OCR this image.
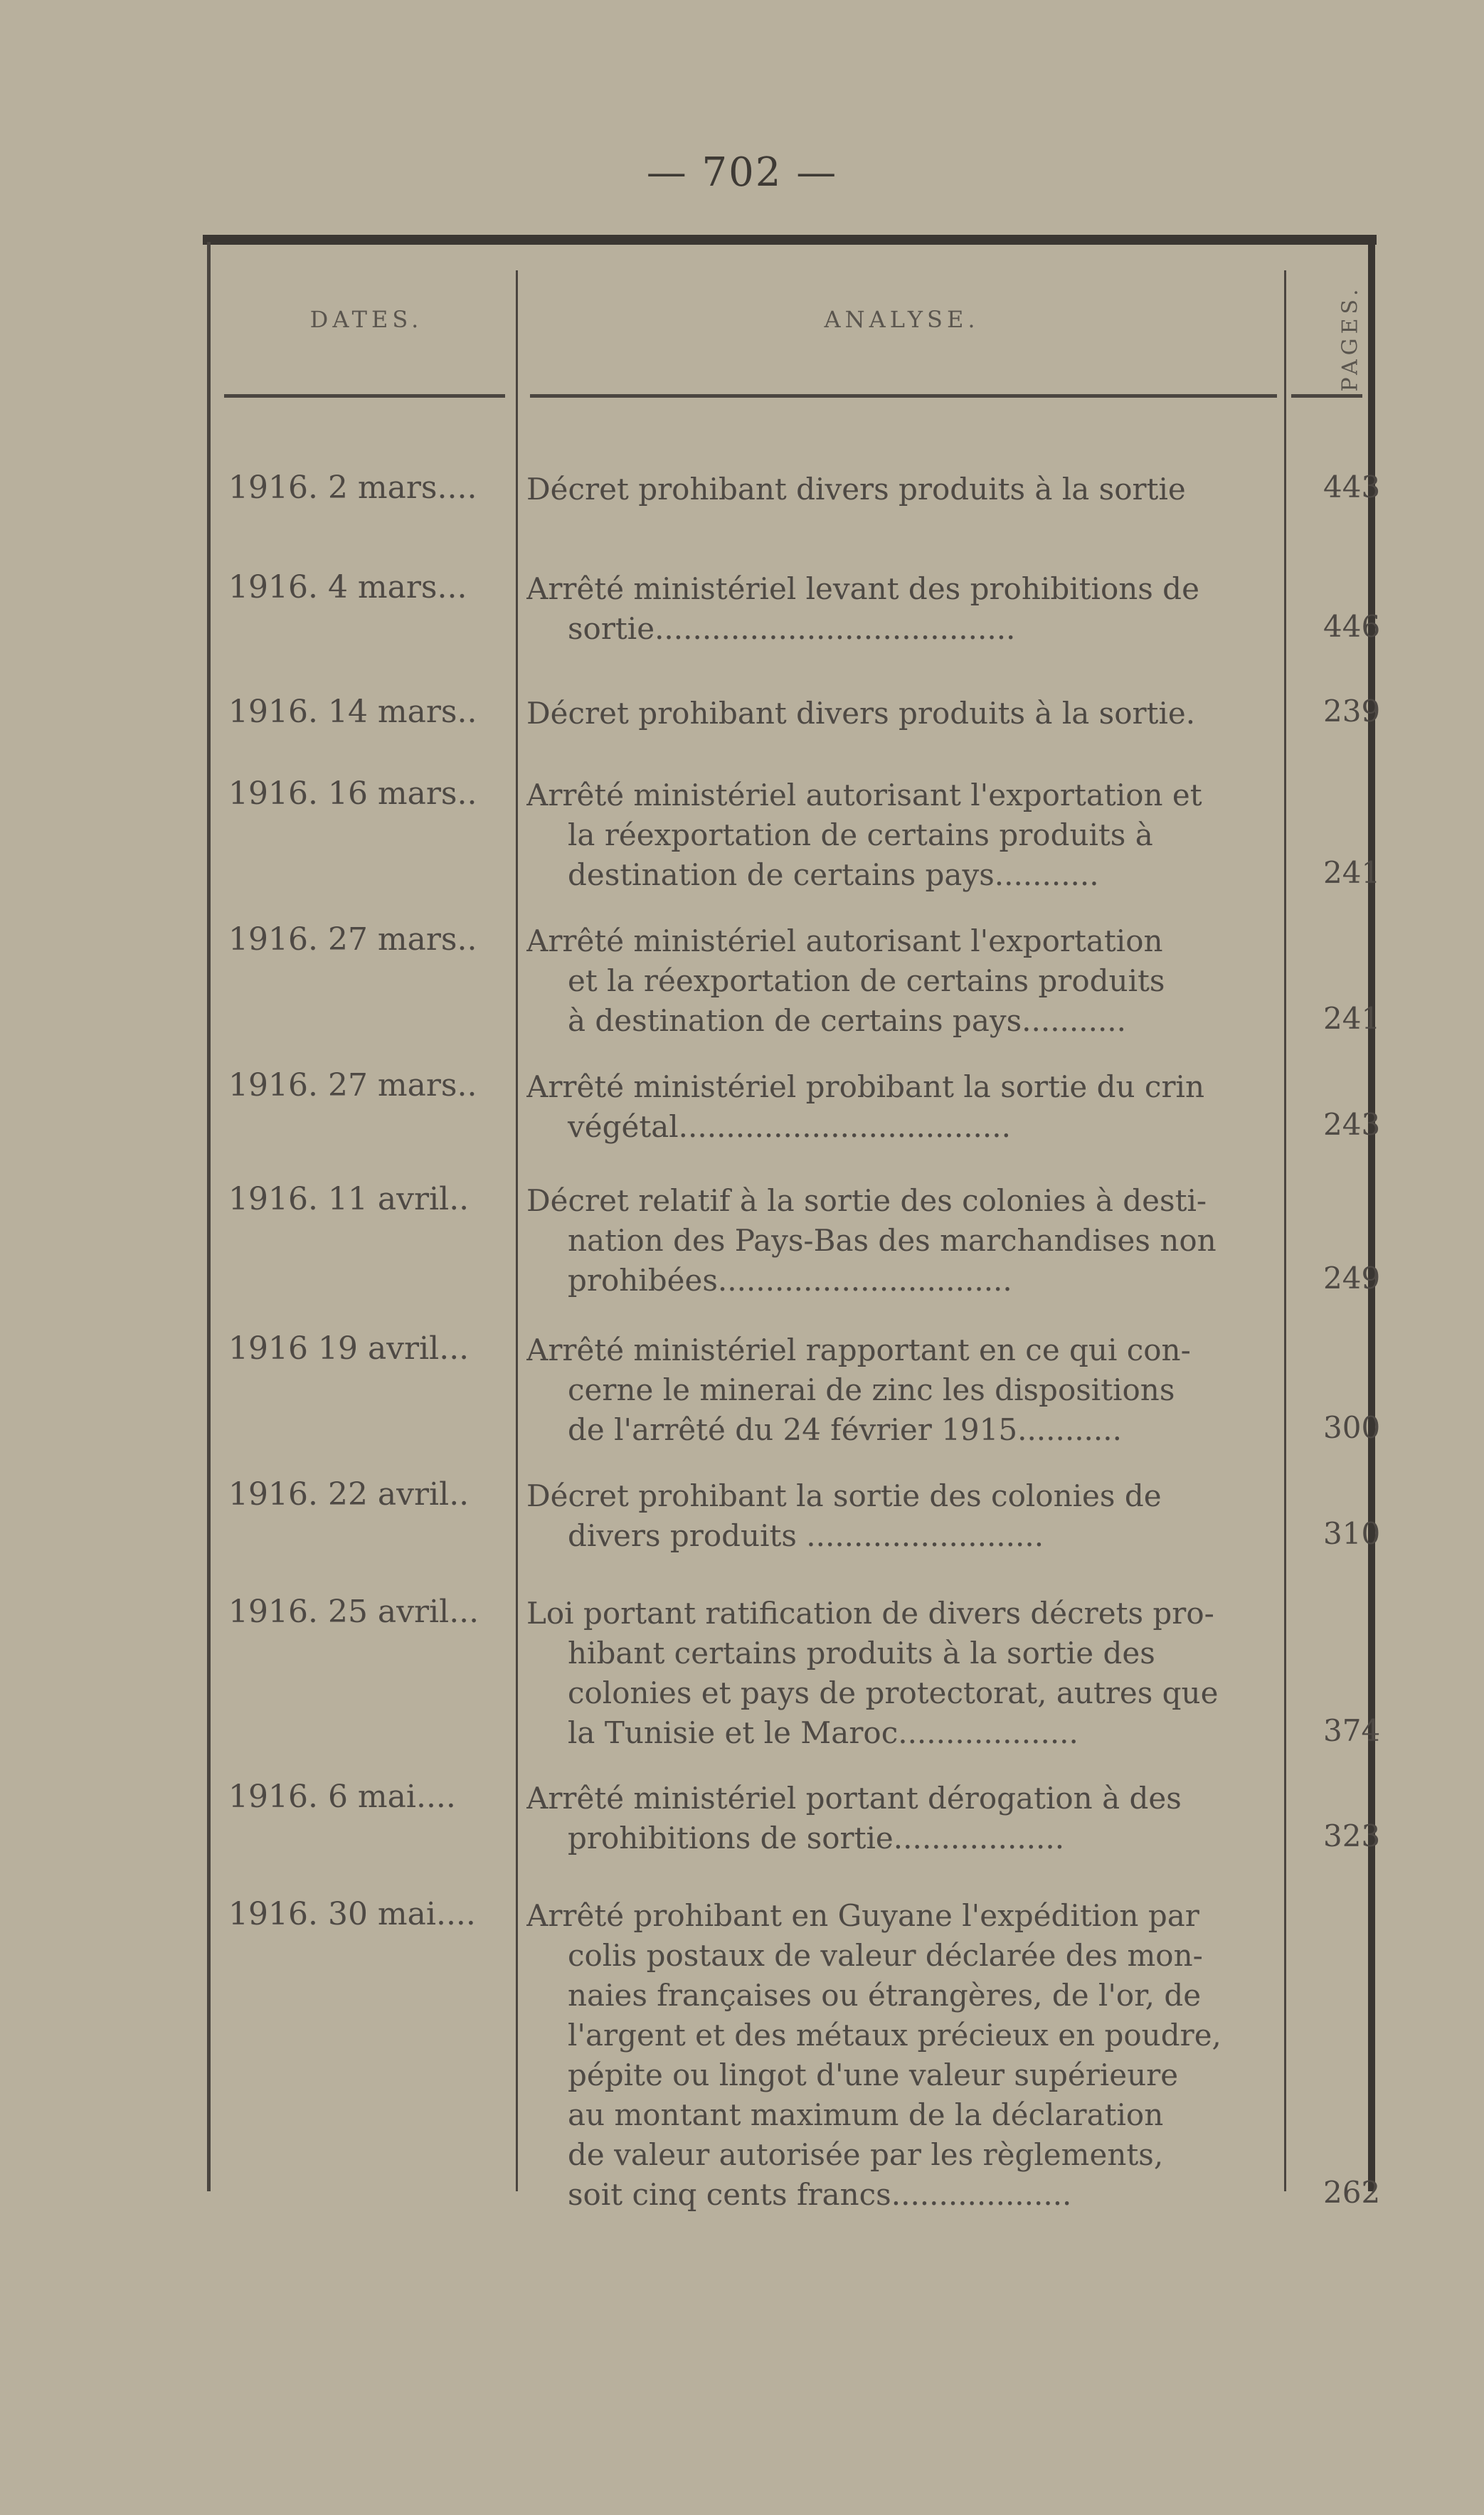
— 702 —
DATES.	ANALYSE.	PAGES.
1916. 2 mars....	Décret prohibant divers produits à la sortie	443
1916. 4 mars...	Arrêté ministériel levant des prohibitions de
sortie......................................	446
1916. 14 mars..	Décret prohibant divers produits à la sortie.	239
1916. 16 mars..	Arrêté ministériel autorisant l'exportation et
la réexportation de certains produits à
destination de certains pays...........	241
1916. 27 mars..	Arrêté ministériel autorisant l'exportation
et la réexportation de certains produits
à destination de certains pays...........	241
1916. 27 mars..	Arrêté ministériel probibant la sortie du crin
végétal...................................	243
1916. 11 avril..	Décret relatif à la sortie des colonies à desti-
nation des Pays-Bas des marchandises non
prohibées...............................	249
1916 19 avril...	Arrêté ministériel rapportant en ce qui con-
cerne le minerai de zinc les dispositions
de l'arrêté du 24 février 1915...........	300
1916. 22 avril..	Décret prohibant la sortie des colonies de
divers produits .........................	310
1916. 25 avril...	Loi portant ratification de divers décrets pro-
hibant certains produits à la sortie des
colonies et pays de protectorat, autres que
la Tunisie et le Maroc...................	374
1916. 6 mai....	Arrêté ministériel portant dérogation à des
prohibitions de sortie..................	323
1916. 30 mai....	Arrêté prohibant en Guyane l'expédition par
colis postaux de valeur déclarée des mon-
naies françaises ou étrangères, de l'or, de
l'argent et des métaux précieux en poudre,
pépite ou lingot d'une valeur supérieure
au montant maximum de la déclaration
de valeur autorisée par les règlements,
soit cinq cents francs...................	262
